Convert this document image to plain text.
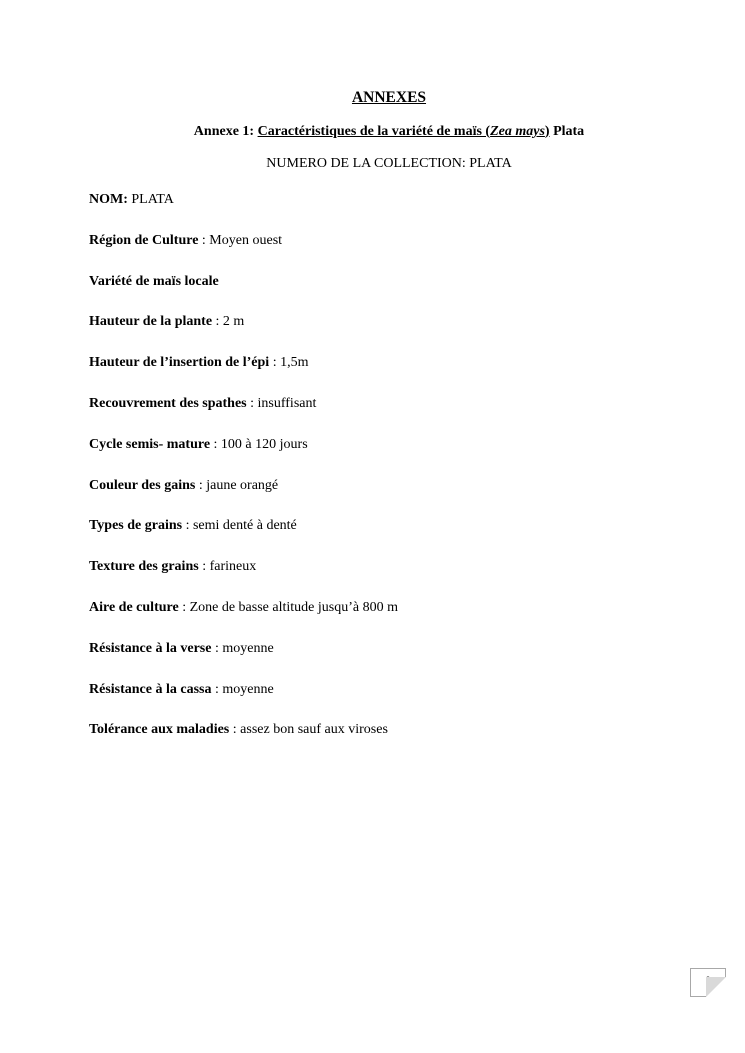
ANNEXES
Annexe 1: Caractéristiques de la variété de maïs (Zea mays) Plata
NUMERO DE LA COLLECTION: PLATA
NOM: PLATA
Région de Culture : Moyen ouest
Variété de maïs locale
Hauteur de la plante : 2 m
Hauteur de l’insertion de l’épi : 1,5m
Recouvrement des spathes : insuffisant
Cycle semis- mature : 100 à 120 jours
Couleur des gains : jaune orangé
Types de grains : semi denté à denté
Texture des grains : farineux
Aire de culture : Zone de basse altitude jusqu’à 800 m
Résistance à la verse : moyenne
Résistance à la cassa : moyenne
Tolérance aux maladies : assez bon sauf aux viroses
I
